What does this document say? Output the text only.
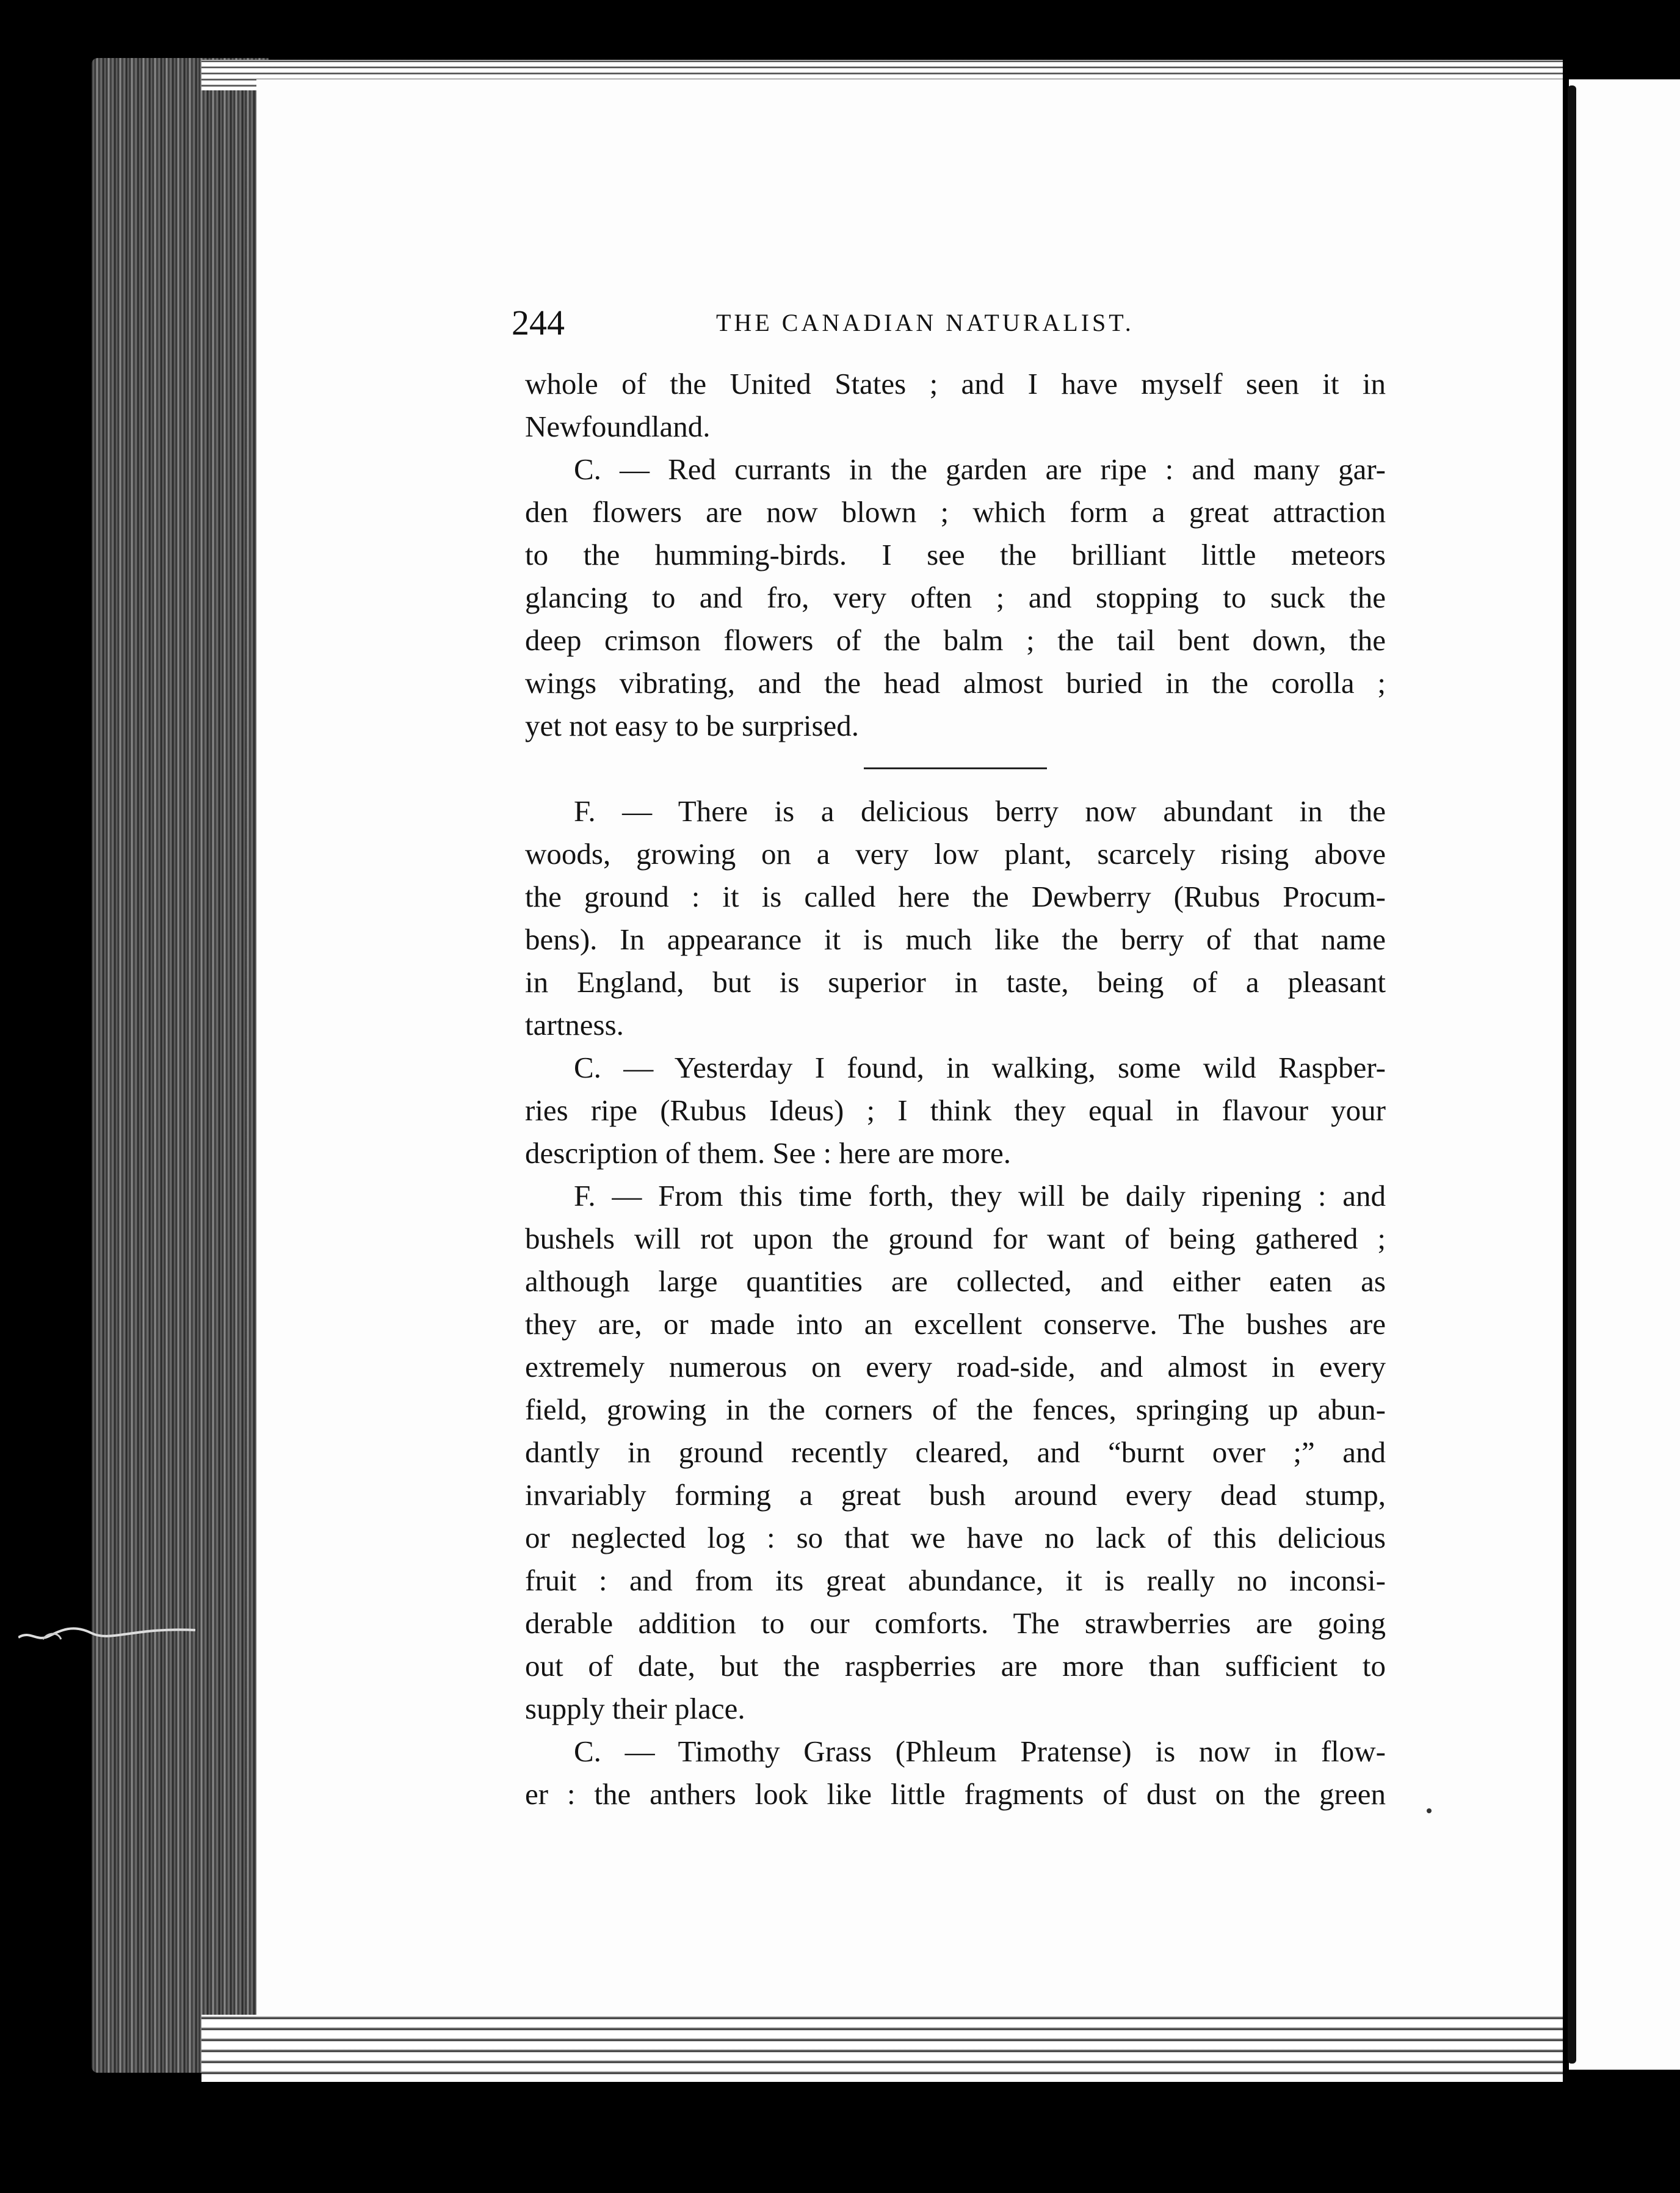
244	THE CANADIAN NATURALIST.
whole of the United States ; and I have myself seen it in
Newfoundland.
C. — Red currants in the garden are ripe : and many gar-
den flowers are now blown ; which form a great attraction
to the humming-birds. I see the brilliant little meteors
glancing to and fro, very often ; and stopping to suck the
deep crimson flowers of the balm ; the tail bent down, the
wings vibrating, and the head almost buried in the corolla ;
yet not easy to be surprised.
F. — There is a delicious berry now abundant in the
woods, growing on a very low plant, scarcely rising above
the ground : it is called here the Dewberry (Rubus Procum-
bens). In appearance it is much like the berry of that name
in England, but is superior in taste, being of a pleasant
tartness.
C. — Yesterday I found, in walking, some wild Raspber-
ries ripe (Rubus Ideus) ; I think they equal in flavour your
description of them. See : here are more.
F. — From this time forth, they will be daily ripening : and
bushels will rot upon the ground for want of being gathered ;
although large quantities are collected, and either eaten as
they are, or made into an excellent conserve. The bushes are
extremely numerous on every road-side, and almost in every
field, growing in the corners of the fences, springing up abun-
dantly in ground recently cleared, and “burnt over ;” and
invariably forming a great bush around every dead stump,
or neglected log : so that we have no lack of this delicious
fruit : and from its great abundance, it is really no inconsi-
derable addition to our comforts. The strawberries are going
out of date, but the raspberries are more than sufficient to
supply their place.
C. — Timothy Grass (Phleum Pratense) is now in flow-
er : the anthers look like little fragments of dust on the green
